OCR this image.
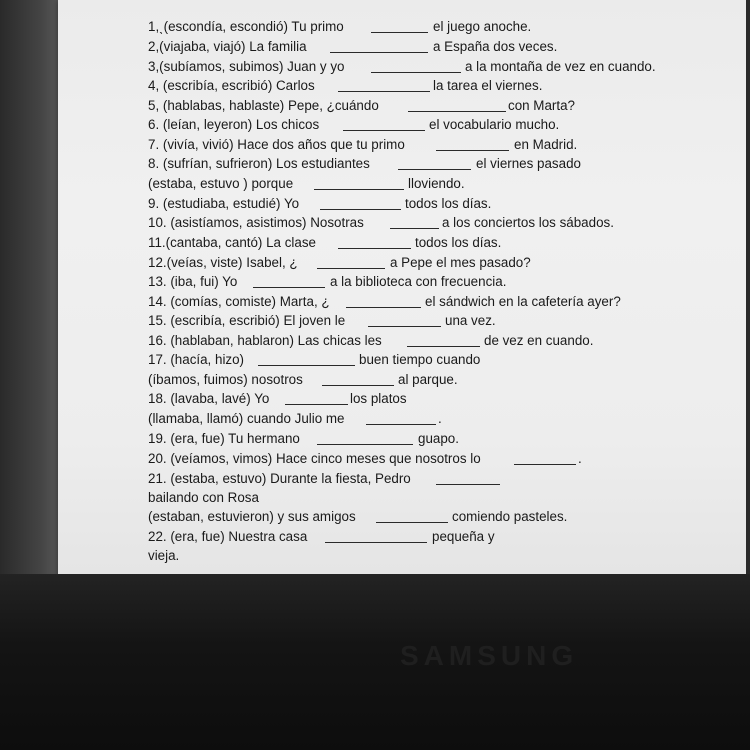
SAMSUNG
1,ˎ(escondía, escondió) Tu primo	el juego anoche.
2,(viajaba, viajó) La familia	a España dos veces.
3,(subíamos, subimos) Juan y yo	a la montaña de vez en cuando.
4, (escribía, escribió) Carlos	la tarea el viernes.
5, (hablabas, hablaste) Pepe, ¿cuándo	con Marta?
6. (leían, leyeron) Los chicos	el vocabulario mucho.
7. (vivía, vivió) Hace dos años que tu primo	en Madrid.
8. (sufrían, sufrieron) Los estudiantes	el viernes pasado
(estaba, estuvo ) porque	lloviendo.
9. (estudiaba, estudié) Yo	todos los días.
10. (asistíamos, asistimos) Nosotras	a los conciertos los sábados.
11.(cantaba, cantó) La clase	todos los días.
12.(veías, viste) Isabel, ¿	a Pepe el mes pasado?
13. (iba, fui) Yo	a la biblioteca con frecuencia.
14. (comías, comiste) Marta, ¿	el sándwich en la cafetería ayer?
15. (escribía, escribió) El joven le	una vez.
16. (hablaban, hablaron) Las chicas les	de vez en cuando.
17. (hacía, hizo)	buen tiempo cuando
(íbamos, fuimos) nosotros	al parque.
18. (lavaba, lavé) Yo	los platos
(llamaba, llamó) cuando Julio me	.
19. (era, fue) Tu hermano	guapo.
20. (veíamos, vimos) Hace cinco meses que nosotros lo	.
21. (estaba, estuvo) Durante la fiesta, Pedro
bailando con Rosa
(estaban, estuvieron) y sus amigos	comiendo pasteles.
22. (era, fue) Nuestra casa	pequeña y
vieja.
